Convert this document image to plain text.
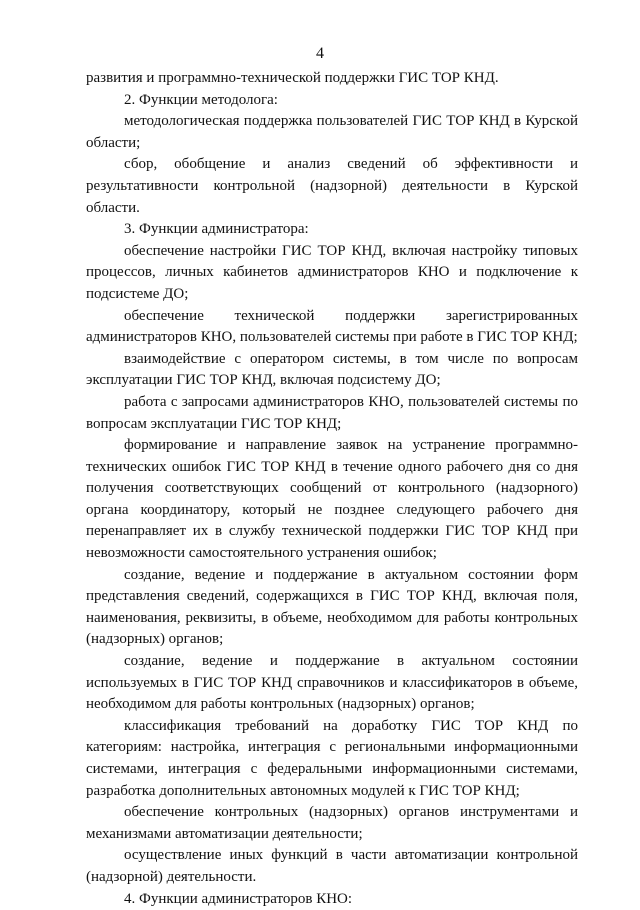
4

развития и программно-технической поддержки ГИС ТОР КНД.

2. Функции методолога:

методологическая поддержка пользователей ГИС ТОР КНД в Курской области;

сбор, обобщение и анализ сведений об эффективности и результативности контрольной (надзорной) деятельности в Курской области.

3. Функции администратора:

обеспечение настройки ГИС ТОР КНД, включая настройку типовых процессов, личных кабинетов администраторов КНО и подключение к подсистеме ДО;

обеспечение технической поддержки зарегистрированных администраторов КНО, пользователей системы при работе в ГИС ТОР КНД;

взаимодействие с оператором системы, в том числе по вопросам эксплуатации ГИС ТОР КНД, включая подсистему ДО;

работа с запросами администраторов КНО, пользователей системы по вопросам эксплуатации ГИС ТОР КНД;

формирование и направление заявок на устранение программно-технических ошибок ГИС ТОР КНД в течение одного рабочего дня со дня получения соответствующих сообщений от контрольного (надзорного) органа координатору, который не позднее следующего рабочего дня перенаправляет их в службу технической поддержки ГИС ТОР КНД при невозможности самостоятельного устранения ошибок;

создание, ведение и поддержание в актуальном состоянии форм представления сведений, содержащихся в ГИС ТОР КНД, включая поля, наименования, реквизиты, в объеме, необходимом для работы контрольных (надзорных) органов;

создание, ведение и поддержание в актуальном состоянии используемых в ГИС ТОР КНД справочников и классификаторов в объеме, необходимом для работы контрольных (надзорных) органов;

классификация требований на доработку ГИС ТОР КНД по категориям: настройка, интеграция с региональными информационными системами, интеграция с федеральными информационными системами, разработка дополнительных автономных модулей к ГИС ТОР КНД;

обеспечение контрольных (надзорных) органов инструментами и механизмами автоматизации деятельности;

осуществление иных функций в части автоматизации контрольной (надзорной) деятельности.

4. Функции администраторов КНО:
